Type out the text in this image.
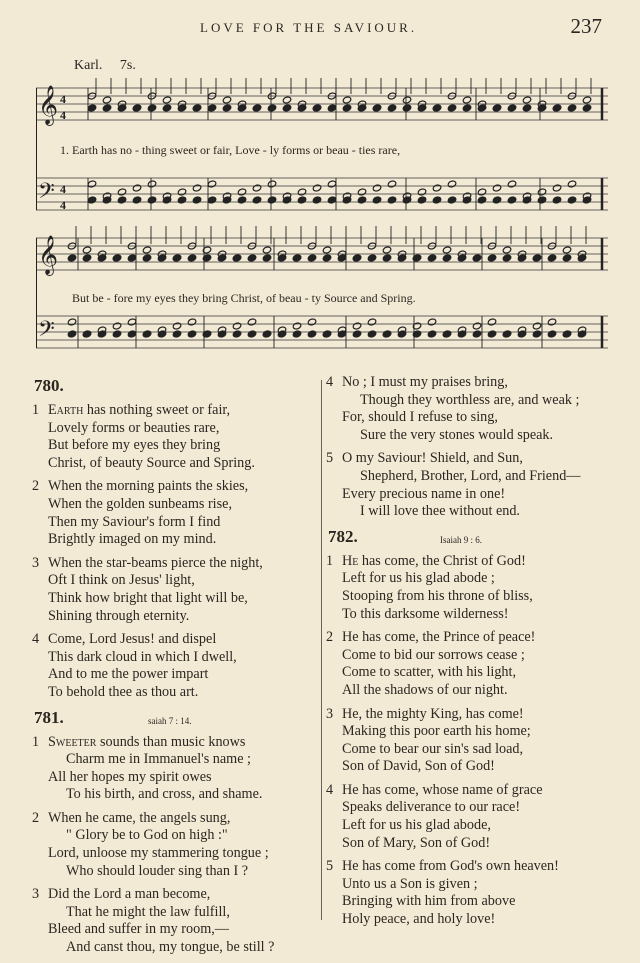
LOVE FOR THE SAVIOUR.	237
Karl. 7s.
𝄞
𝄢
4
4
4
4
𝄞
𝄢
1. Earth has no - thing sweet or fair, Love - ly forms or beau - ties rare,
But be - fore my eyes they bring Christ, of beau - ty Source and Spring.
780.
1 Earth has nothing sweet or fair,
Lovely forms or beauties rare,
But before my eyes they bring
Christ, of beauty Source and Spring.
2 When the morning paints the skies,
When the golden sunbeams rise,
Then my Saviour's form I find
Brightly imaged on my mind.
3 When the star-beams pierce the night,
Oft I think on Jesus' light,
Think how bright that light will be,
Shining through eternity.
4 Come, Lord Jesus! and dispel
This dark cloud in which I dwell,
And to me the power impart
To behold thee as thou art.
781.	saiah 7 : 14.
1 Sweeter sounds than music knows
Charm me in Immanuel's name ;
All her hopes my spirit owes
To his birth, and cross, and shame.
2 When he came, the angels sung,
" Glory be to God on high :"
Lord, unloose my stammering tongue ;
Who should louder sing than I ?
3 Did the Lord a man become,
That he might the law fulfill,
Bleed and suffer in my room,—
And canst thou, my tongue, be still ?
4 No ; I must my praises bring,
Though they worthless are, and weak ;
For, should I refuse to sing,
Sure the very stones would speak.
5 O my Saviour! Shield, and Sun,
Shepherd, Brother, Lord, and Friend—
Every precious name in one!
I will love thee without end.
782.	Isaiah 9 : 6.
1 He has come, the Christ of God!
Left for us his glad abode ;
Stooping from his throne of bliss,
To this darksome wilderness!
2 He has come, the Prince of peace!
Come to bid our sorrows cease ;
Come to scatter, with his light,
All the shadows of our night.
3 He, the mighty King, has come!
Making this poor earth his home;
Come to bear our sin's sad load,
Son of David, Son of God!
4 He has come, whose name of grace
Speaks deliverance to our race!
Left for us his glad abode,
Son of Mary, Son of God!
5 He has come from God's own heaven!
Unto us a Son is given ;
Bringing with him from above
Holy peace, and holy love!
